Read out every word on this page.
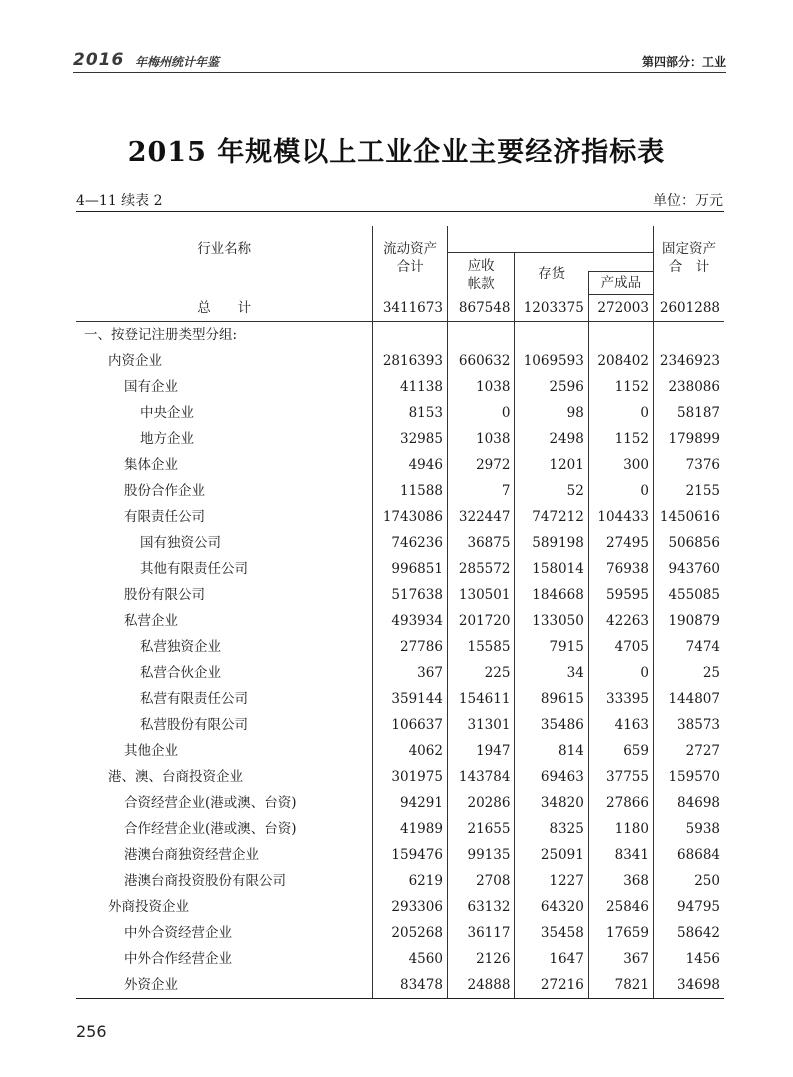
2016 年梅州统计年鉴	第四部分：工业
2015 年规模以上工业企业主要经济指标表
4—11 续表 2	单位：万元
行业名称	流动资产合计				固定资产合　计

		应收帐款	存货		
				产成品	
总　　计	3411673	867548	1203375	272003	2601288
一、按登记注册类型分组:					
内资企业	2816393	660632	1069593	208402	2346923
国有企业	41138	1038	2596	1152	238086
中央企业	8153	0	98	0	58187
地方企业	32985	1038	2498	1152	179899
集体企业	4946	2972	1201	300	7376
股份合作企业	11588	7	52	0	2155
有限责任公司	1743086	322447	747212	104433	1450616
国有独资公司	746236	36875	589198	27495	506856
其他有限责任公司	996851	285572	158014	76938	943760
股份有限公司	517638	130501	184668	59595	455085
私营企业	493934	201720	133050	42263	190879
私营独资企业	27786	15585	7915	4705	7474
私营合伙企业	367	225	34	0	25
私营有限责任公司	359144	154611	89615	33395	144807
私营股份有限公司	106637	31301	35486	4163	38573
其他企业	4062	1947	814	659	2727
港、澳、台商投资企业	301975	143784	69463	37755	159570
合资经营企业(港或澳、台资)	94291	20286	34820	27866	84698
合作经营企业(港或澳、台资)	41989	21655	8325	1180	5938
港澳台商独资经营企业	159476	99135	25091	8341	68684
港澳台商投资股份有限公司	6219	2708	1227	368	250
外商投资企业	293306	63132	64320	25846	94795
中外合资经营企业	205268	36117	35458	17659	58642
中外合作经营企业	4560	2126	1647	367	1456
外资企业	83478	24888	27216	7821	34698
256
